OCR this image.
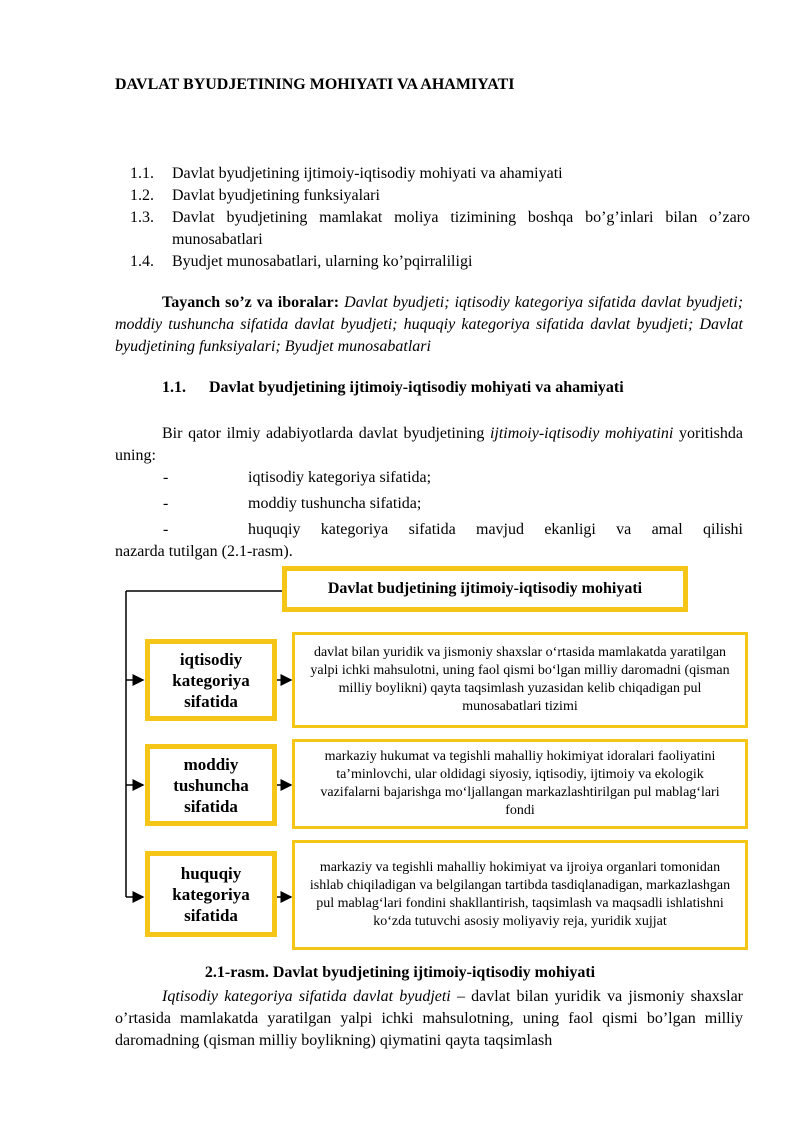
DAVLAT BYUDJETINING MOHIYATI VA AHAMIYATI
1.1.	Davlat byudjetining ijtimoiy-iqtisodiy mohiyati va ahamiyati
1.2.	Davlat byudjetining funksiyalari
1.3.	Davlat byudjetining mamlakat moliya tizimining boshqa bo’g’inlari bilan o’zaro munosabatlari
1.4.	Byudjet munosabatlari, ularning ko’pqirraliligi
Tayanch so’z va iboralar: Davlat byudjeti; iqtisodiy kategoriya sifatida davlat byudjeti; moddiy tushuncha sifatida davlat byudjeti; huquqiy kategoriya sifatida davlat byudjeti; Davlat byudjetining funksiyalari; Byudjet munosabatlari
1.1. Davlat byudjetining ijtimoiy-iqtisodiy mohiyati va ahamiyati
Bir qator ilmiy adabiyotlarda davlat byudjetining ijtimoiy-iqtisodiy mohiyatini yoritishda uning:
-	iqtisodiy kategoriya sifatida;
-	moddiy tushuncha sifatida;
-	huquqiy kategoriya sifatida mavjud ekanligi va amal qilishi
nazarda tutilgan (2.1-rasm).
Davlat budjetining ijtimoiy-iqtisodiy mohiyati
iqtisodiy kategoriya sifatida
davlat bilan yuridik va jismoniy shaxslar o‘rtasida mamlakatda yaratilgan yalpi ichki mahsulotni, uning faol qismi bo‘lgan milliy daromadni (qisman milliy boylikni) qayta taqsimlash yuzasidan kelib chiqadigan pul munosabatlari tizimi
moddiy tushuncha sifatida
markaziy hukumat va tegishli mahalliy hokimiyat idoralari faoliyatini ta’minlovchi, ular oldidagi siyosiy, iqtisodiy, ijtimoiy va ekologik vazifalarni bajarishga mo‘ljallangan markazlashtirilgan pul mablag‘lari fondi
huquqiy kategoriya sifatida
markaziy va tegishli mahalliy hokimiyat va ijroiya organlari tomonidan ishlab chiqiladigan va belgilangan tartibda tasdiqlanadigan, markazlashgan pul mablag‘lari fondini shakllantirish, taqsimlash va maqsadli ishlatishni ko‘zda tutuvchi asosiy moliyaviy reja, yuridik xujjat
2.1-rasm. Davlat byudjetining ijtimoiy-iqtisodiy mohiyati
Iqtisodiy kategoriya sifatida davlat byudjeti – davlat bilan yuridik va jismoniy shaxslar o’rtasida mamlakatda yaratilgan yalpi ichki mahsulotning, uning faol qismi bo’lgan milliy daromadning (qisman milliy boylikning) qiymatini qayta taqsimlash
